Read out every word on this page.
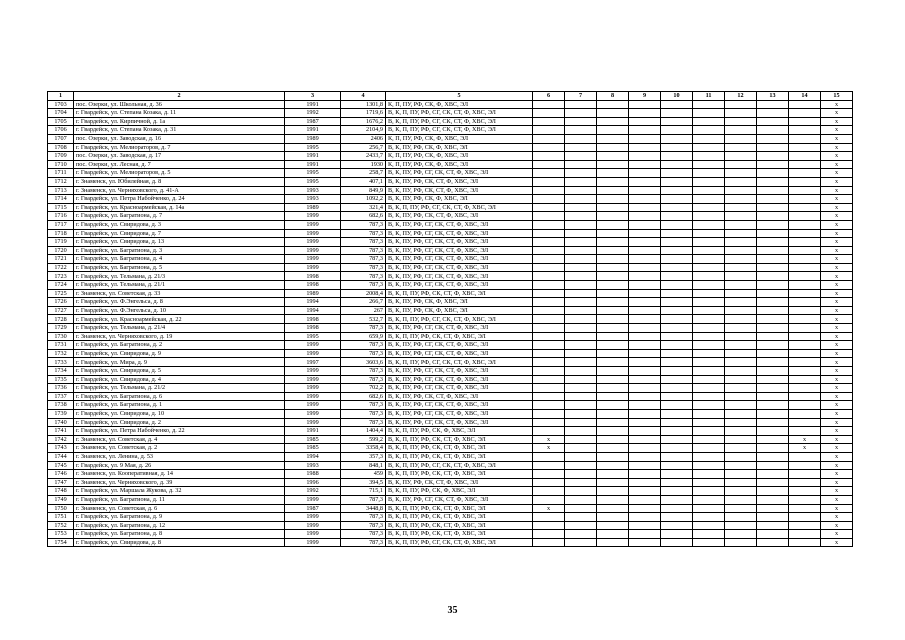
1	2	3	4	5	6	7	8	9	10	11	12	13	14	15
1703	пос. Озерки, ул. Школьная, д. 36	1991	1301,8	К, П, ПУ, РФ, СК, Ф, ХВС, ЭЛ										x
1704	г. Гвардейск, ул. Степана Козака, д. 11	1992	1719,6	В, К, П, ПУ, РФ, СГ, СК, СТ, Ф, ХВС, ЭЛ										x
1705	г. Гвардейск, ул. Кирпичной, д. 1а	1987	1676,2	В, К, П, ПУ, РФ, СГ, СК, СТ, Ф, ХВС, ЭЛ										x
1706	г. Гвардейск, ул. Степана Козака, д. 31	1991	2104,9	В, К, П, ПУ, РФ, СГ, СК, СТ, Ф, ХВС, ЭЛ										x
1707	пос. Озерки, ул. Заводская, д. 16	1989	2406	К, П, ПУ, РФ, СК, Ф, ХВС, ЭЛ										x
1708	г. Гвардейск, ул. Мелиораторов, д. 7	1995	256,7	В, К, ПУ, РФ, СК, Ф, ХВС, ЭЛ										x
1709	пос. Озерки, ул. Заводская, д. 17	1991	2433,7	К, П, ПУ, РФ, СК, Ф, ХВС, ЭЛ										x
1710	пос. Озерки, ул. Лесная, д. 7	1991	1930	К, П, ПУ, РФ, СК, Ф, ХВС, ЭЛ										x
1711	г. Гвардейск, ул. Мелиораторов, д. 5	1995	258,7	В, К, ПУ, РФ, СГ, СК, СТ, Ф, ХВС, ЭЛ										x
1712	г. Знаменск, ул. Юбилейная, д. 8	1995	407,1	В, К, ПУ, РФ, СК, СТ, Ф, ХВС, ЭЛ										x
1713	г. Знаменск, ул. Черняховского, д. 41-А	1993	849,9	В, К, ПУ, РФ, СК, СТ, Ф, ХВС, ЭЛ										x
1714	г. Гвардейск, ул. Петра Набойченко, д. 24	1993	1092,2	В, К, ПУ, РФ, СК, Ф, ХВС, ЭЛ										x
1715	г. Гвардейск, ул. Красноармейская, д. 14а	1989	321,4	В, К, П, ПУ, РФ, СГ, СК, СТ, Ф, ХВС, ЭЛ										x
1716	г. Гвардейск, ул. Багратиона, д. 7	1999	682,6	В, К, ПУ, РФ, СК, СТ, Ф, ХВС, ЭЛ										x
1717	г. Гвардейск, ул. Свиридова, д. 3	1999	787,3	В, К, ПУ, РФ, СГ, СК, СТ, Ф, ХВС, ЭЛ										x
1718	г. Гвардейск, ул. Свиридова, д. 7	1999	787,3	В, К, ПУ, РФ, СГ, СК, СТ, Ф, ХВС, ЭЛ										x
1719	г. Гвардейск, ул. Свиридова, д. 13	1999	787,3	В, К, ПУ, РФ, СГ, СК, СТ, Ф, ХВС, ЭЛ										x
1720	г. Гвардейск, ул. Багратиона, д. 3	1999	787,3	В, К, ПУ, РФ, СГ, СК, СТ, Ф, ХВС, ЭЛ										x
1721	г. Гвардейск, ул. Багратиона, д. 4	1999	787,3	В, К, ПУ, РФ, СГ, СК, СТ, Ф, ХВС, ЭЛ										x
1722	г. Гвардейск, ул. Багратиона, д. 5	1999	787,3	В, К, ПУ, РФ, СГ, СК, СТ, Ф, ХВС, ЭЛ										x
1723	г. Гвардейск, ул. Тельмана, д. 21/3	1998	787,3	В, К, ПУ, РФ, СГ, СК, СТ, Ф, ХВС, ЭЛ										x
1724	г. Гвардейск, ул. Тельмана, д. 21/1	1998	787,3	В, К, ПУ, РФ, СГ, СК, СТ, Ф, ХВС, ЭЛ										x
1725	г. Знаменск, ул. Советская, д. 33	1989	2008,4	В, К, П, ПУ, РФ, СК, СТ, Ф, ХВС, ЭЛ										x
1726	г. Гвардейск, ул. Ф.Энгельса, д. 8	1994	266,7	В, К, ПУ, РФ, СК, Ф, ХВС, ЭЛ										x
1727	г. Гвардейск, ул. Ф.Энгельса, д. 10	1994	267	В, К, ПУ, РФ, СК, Ф, ХВС, ЭЛ										x
1728	г. Гвардейск, ул. Красноармейская, д. 22	1998	532,7	В, К, П, ПУ, РФ, СГ, СК, СТ, Ф, ХВС, ЭЛ										x
1729	г. Гвардейск, ул. Тельмана, д. 21/4	1998	787,3	В, К, ПУ, РФ, СГ, СК, СТ, Ф, ХВС, ЭЛ										x
1730	г. Знаменск, ул. Черняховского, д. 19	1995	659,9	В, К, П, ПУ, РФ, СК, СТ, Ф, ХВС, ЭЛ										x
1731	г. Гвардейск, ул. Багратиона, д. 2	1999	787,3	В, К, ПУ, РФ, СГ, СК, СТ, Ф, ХВС, ЭЛ										x
1732	г. Гвардейск, ул. Свиридова, д. 9	1999	787,3	В, К, ПУ, РФ, СГ, СК, СТ, Ф, ХВС, ЭЛ										x
1733	г. Гвардейск, ул. Мира, д. 9	1997	3603,6	В, К, П, ПУ, РФ, СГ, СК, СТ, Ф, ХВС, ЭЛ										x
1734	г. Гвардейск, ул. Свиридова, д. 5	1999	787,3	В, К, ПУ, РФ, СГ, СК, СТ, Ф, ХВС, ЭЛ										x
1735	г. Гвардейск, ул. Свиридова, д. 4	1999	787,3	В, К, ПУ, РФ, СГ, СК, СТ, Ф, ХВС, ЭЛ										x
1736	г. Гвардейск, ул. Тельмана, д. 21/2	1999	702,2	В, К, ПУ, РФ, СГ, СК, СТ, Ф, ХВС, ЭЛ										x
1737	г. Гвардейск, ул. Багратиона, д. 6	1999	682,6	В, К, ПУ, РФ, СК, СТ, Ф, ХВС, ЭЛ										x
1738	г. Гвардейск, ул. Багратиона, д. 1	1999	787,3	В, К, ПУ, РФ, СГ, СК, СТ, Ф, ХВС, ЭЛ										x
1739	г. Гвардейск, ул. Свиридова, д. 10	1999	787,3	В, К, ПУ, РФ, СГ, СК, СТ, Ф, ХВС, ЭЛ										x
1740	г. Гвардейск, ул. Свиридова, д. 2	1999	787,3	В, К, ПУ, РФ, СГ, СК, СТ, Ф, ХВС, ЭЛ										x
1741	г. Гвардейск, ул. Петра Набойченко, д. 22	1991	1404,4	В, К, П, ПУ, РФ, СК, Ф, ХВС, ЭЛ										x
1742	г. Знаменск, ул. Советская, д. 4	1985	599,2	В, К, П, ПУ, РФ, СК, СТ, Ф, ХВС, ЭЛ	x								x	x
1743	г. Знаменск, ул. Советская, д. 2	1985	3358,4	В, К, П, ПУ, РФ, СК, СТ, Ф, ХВС, ЭЛ	x								x	x
1744	г. Знаменск, ул. Ленина, д. 53	1994	357,3	В, К, П, ПУ, РФ, СК, СТ, Ф, ХВС, ЭЛ										x
1745	г. Гвардейск, ул. 9 Мая, д. 26	1993	848,1	В, К, П, ПУ, РФ, СГ, СК, СТ, Ф, ХВС, ЭЛ										x
1746	г. Знаменск, ул. Кооперативная, д. 14	1988	459	В, К, П, ПУ, РФ, СК, СТ, Ф, ХВС, ЭЛ										x
1747	г. Знаменск, ул. Черняховского, д. 39	1996	394,5	В, К, ПУ, РФ, СК, СТ, Ф, ХВС, ЭЛ										x
1748	г. Гвардейск, ул. Маршала Жукова, д. 32	1992	715,1	В, К, П, ПУ, РФ, СК, Ф, ХВС, ЭЛ										x
1749	г. Гвардейск, ул. Багратиона, д. 11	1999	787,3	В, К, ПУ, РФ, СГ, СК, СТ, Ф, ХВС, ЭЛ										x
1750	г. Знаменск, ул. Советская, д. 6	1987	3448,8	В, К, П, ПУ, РФ, СК, СТ, Ф, ХВС, ЭЛ	x									x
1751	г. Гвардейск, ул. Багратиона, д. 9	1999	787,3	В, К, П, ПУ, РФ, СК, СТ, Ф, ХВС, ЭЛ										x
1752	г. Гвардейск, ул. Багратиона, д. 12	1999	787,3	В, К, П, ПУ, РФ, СК, СТ, Ф, ХВС, ЭЛ										x
1753	г. Гвардейск, ул. Багратиона, д. 8	1999	787,3	В, К, П, ПУ, РФ, СК, СТ, Ф, ХВС, ЭЛ										x
1754	г. Гвардейск, ул. Свиридова, д. 8	1999	787,3	В, К, П, ПУ, РФ, СГ, СК, СТ, Ф, ХВС, ЭЛ										x
35
